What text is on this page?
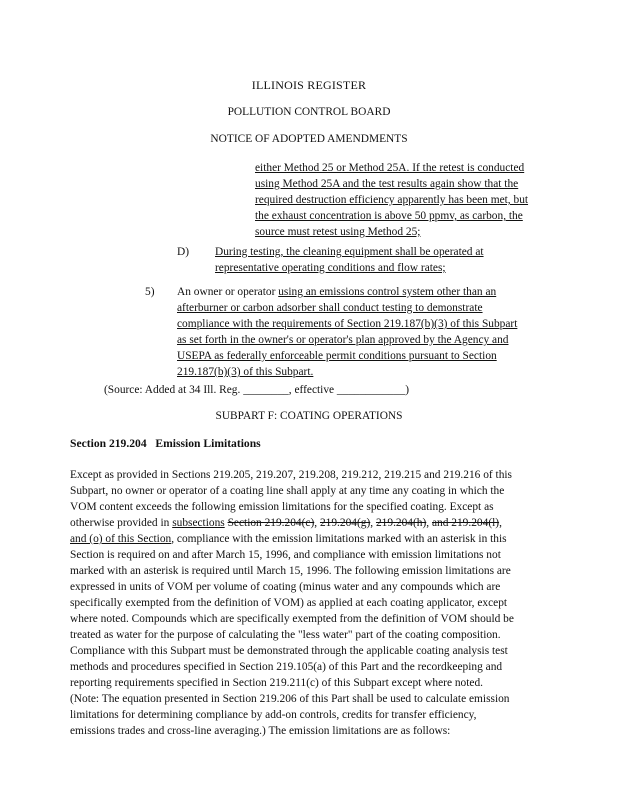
ILLINOIS REGISTER
POLLUTION CONTROL BOARD
NOTICE OF ADOPTED AMENDMENTS
either Method 25 or Method 25A. If the retest is conducted
using Method 25A and the test results again show that the
required destruction efficiency apparently has been met, but
the exhaust concentration is above 50 ppmv, as carbon, the
source must retest using Method 25;
D) During testing, the cleaning equipment shall be operated at
representative operating conditions and flow rates;
5) An owner or operator using an emissions control system other than an
afterburner or carbon adsorber shall conduct testing to demonstrate
compliance with the requirements of Section 219.187(b)(3) of this Subpart
as set forth in the owner's or operator's plan approved by the Agency and
USEPA as federally enforceable permit conditions pursuant to Section
219.187(b)(3) of this Subpart.
(Source: Added at 34 Ill. Reg. ________, effective ____________)
SUBPART F: COATING OPERATIONS
Section 219.204 Emission Limitations
Except as provided in Sections 219.205, 219.207, 219.208, 219.212, 219.215 and 219.216 of this
Subpart, no owner or operator of a coating line shall apply at any time any coating in which the
VOM content exceeds the following emission limitations for the specified coating. Except as
otherwise provided in subsections Section 219.204(c), 219.204(g), 219.204(h), and 219.204(l),
and (o) of this Section, compliance with the emission limitations marked with an asterisk in this
Section is required on and after March 15, 1996, and compliance with emission limitations not
marked with an asterisk is required until March 15, 1996. The following emission limitations are
expressed in units of VOM per volume of coating (minus water and any compounds which are
specifically exempted from the definition of VOM) as applied at each coating applicator, except
where noted. Compounds which are specifically exempted from the definition of VOM should be
treated as water for the purpose of calculating the "less water" part of the coating composition.
Compliance with this Subpart must be demonstrated through the applicable coating analysis test
methods and procedures specified in Section 219.105(a) of this Part and the recordkeeping and
reporting requirements specified in Section 219.211(c) of this Subpart except where noted.
(Note: The equation presented in Section 219.206 of this Part shall be used to calculate emission
limitations for determining compliance by add-on controls, credits for transfer efficiency,
emissions trades and cross-line averaging.) The emission limitations are as follows:
